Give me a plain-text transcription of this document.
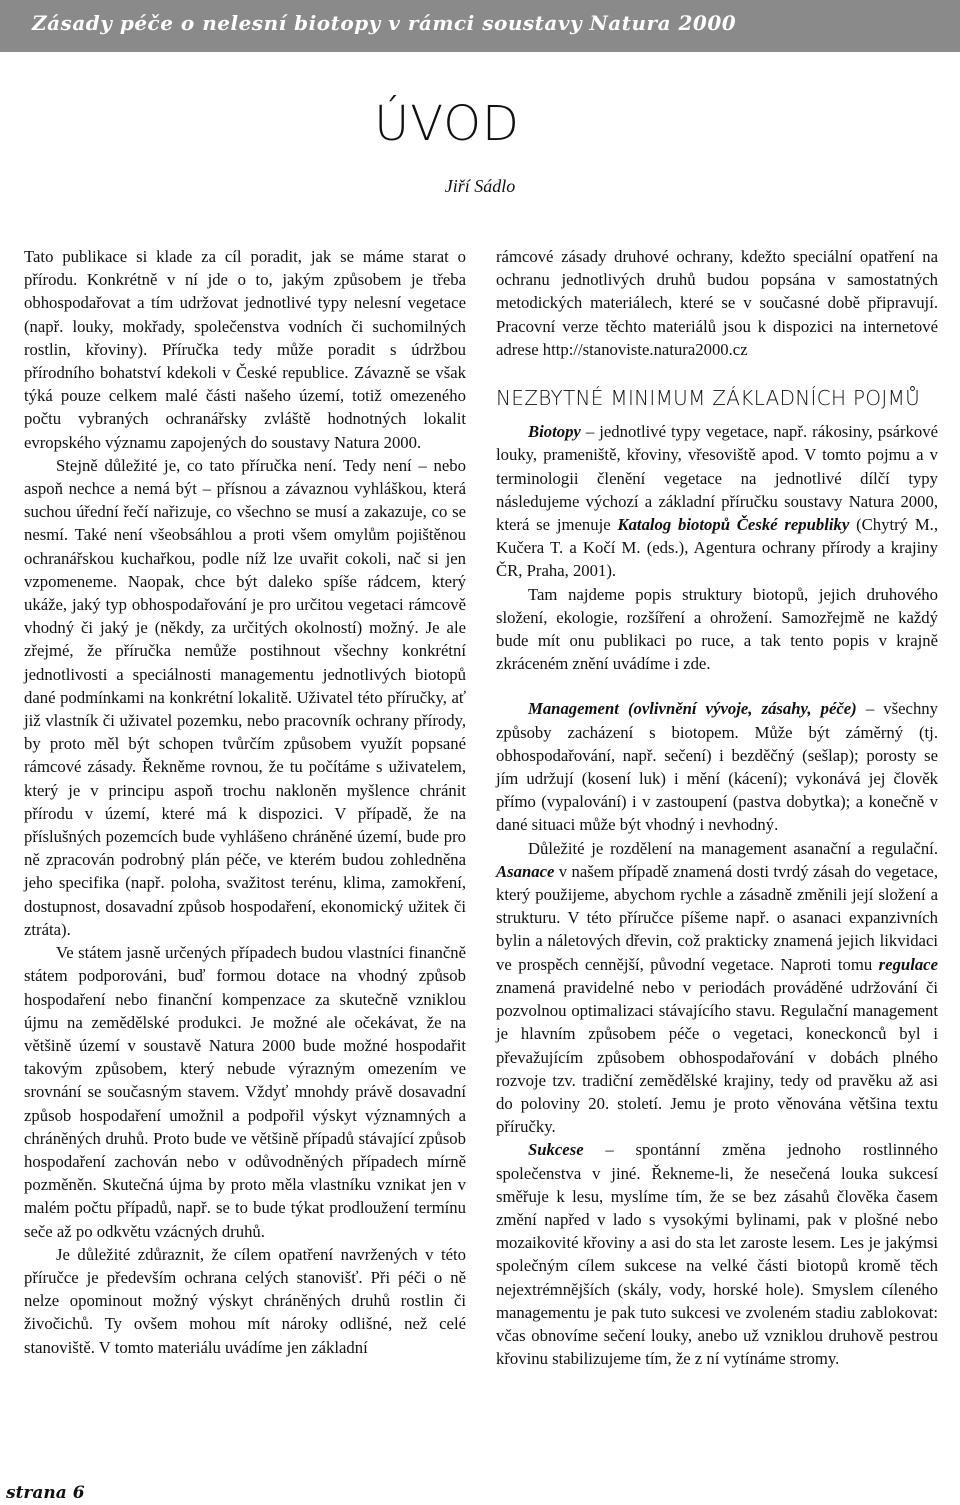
Zásady péče o nelesní biotopy v rámci soustavy Natura 2000
ÚVOD
Jiří Sádlo

Tato publikace si klade za cíl poradit, jak se máme starat o přírodu. Konkrétně v ní jde o to, jakým způsobem je třeba obhospodařovat a tím udržovat jednotlivé typy nelesní vegetace (např. louky, mokřady, společenstva vodních či suchomilných rostlin, křoviny). Příručka tedy může poradit s údržbou přírodního bohatství kdekoli v České republice. Závazně se však týká pouze celkem malé části našeho území, totiž omezeného počtu vybraných ochranářsky zvláště hodnotných lokalit evropského významu zapojených do soustavy Natura 2000.

Stejně důležité je, co tato příručka není. Tedy není – nebo aspoň nechce a nemá být – přísnou a závaznou vyhláškou, která suchou úřední řečí nařizuje, co všechno se musí a zakazuje, co se nesmí. Také není všeobsáhlou a proti všem omylům pojištěnou ochranářskou kuchařkou, podle níž lze uvařit cokoli, nač si jen vzpomeneme. Naopak, chce být daleko spíše rádcem, který ukáže, jaký typ obhospodařování je pro určitou vegetaci rámcově vhodný či jaký je (někdy, za určitých okolností) možný. Je ale zřejmé, že příručka nemůže postihnout všechny konkrétní jednotlivosti a speciálnosti managementu jednotlivých biotopů dané podmínkami na konkrétní lokalitě. Uživatel této příručky, ať již vlastník či uživatel pozemku, nebo pracovník ochrany přírody, by proto měl být schopen tvůrčím způsobem využít popsané rámcové zásady. Řekněme rovnou, že tu počítáme s uživatelem, který je v principu aspoň trochu nakloněn myšlence chránit přírodu v území, které má k dispozici. V případě, že na příslušných pozemcích bude vyhlášeno chráněné území, bude pro ně zpracován podrobný plán péče, ve kterém budou zohledněna jeho specifika (např. poloha, svažitost terénu, klima, zamokření, dostupnost, dosavadní způsob hospodaření, ekonomický užitek či ztráta).

Ve státem jasně určených případech budou vlastníci finančně státem podporováni, buď formou dotace na vhodný způsob hospodaření nebo finanční kompenzace za skutečně vzniklou újmu na zemědělské produkci. Je možné ale očekávat, že na většině území v soustavě Natura 2000 bude možné hospodařit takovým způsobem, který nebude výrazným omezením ve srovnání se současným stavem. Vždyť mnohdy právě dosavadní způsob hospodaření umožnil a podpořil výskyt významných a chráněných druhů. Proto bude ve většině případů stávající způsob hospodaření zachován nebo v odůvodněných případech mírně pozměněn. Skutečná újma by proto měla vlastníku vznikat jen v malém počtu případů, např. se to bude týkat prodloužení termínu seče až po odkvětu vzácných druhů.

Je důležité zdůraznit, že cílem opatření navržených v této příručce je především ochrana celých stanovišť. Při péči o ně nelze opominout možný výskyt chráněných druhů rostlin či živočichů. Ty ovšem mohou mít nároky odlišné, než celé stanoviště. V tomto materiálu uvádíme jen základní

rámcové zásady druhové ochrany, kdežto speciální opatření na ochranu jednotlivých druhů budou popsána v samostatných metodických materiálech, které se v současné době připravují. Pracovní verze těchto materiálů jsou k dispozici na internetové adrese http://stanoviste.natura2000.cz

NEZBYTNÉ MINIMUM ZÁKLADNÍCH POJMŮ

Biotopy – jednotlivé typy vegetace, např. rákosiny, psárkové louky, prameniště, křoviny, vřesoviště apod. V tomto pojmu a v terminologii členění vegetace na jednotlivé dílčí typy následujeme výchozí a základní příručku soustavy Natura 2000, která se jmenuje Katalog biotopů České republiky (Chytrý M., Kučera T. a Kočí M. (eds.), Agentura ochrany přírody a krajiny ČR, Praha, 2001).

Tam najdeme popis struktury biotopů, jejich druhového složení, ekologie, rozšíření a ohrožení. Samozřejmě ne každý bude mít onu publikaci po ruce, a tak tento popis v krajně zkráceném znění uvádíme i zde.

Management (ovlivnění vývoje, zásahy, péče) – všechny způsoby zacházení s biotopem. Může být záměrný (tj. obhospodařování, např. sečení) i bezděčný (sešlap); porosty se jím udržují (kosení luk) i mění (kácení); vykonává jej člověk přímo (vypalování) i v zastoupení (pastva dobytka); a konečně v dané situaci může být vhodný i nevhodný.

Důležité je rozdělení na management asanační a regulační. Asanace v našem případě znamená dosti tvrdý zásah do vegetace, který použijeme, abychom rychle a zásadně změnili její složení a strukturu. V této příručce píšeme např. o asanaci expanzivních bylin a náletových dřevin, což prakticky znamená jejich likvidaci ve prospěch cennější, původní vegetace. Naproti tomu regulace znamená pravidelné nebo v periodách prováděné udržování či pozvolnou optimalizaci stávajícího stavu. Regulační management je hlavním způsobem péče o vegetaci, koneckonců byl i převažujícím způsobem obhospodařování v dobách plného rozvoje tzv. tradiční zemědělské krajiny, tedy od pravěku až asi do poloviny 20. století. Jemu je proto věnována většina textu příručky.

Sukcese – spontánní změna jednoho rostlinného společenstva v jiné. Řekneme-li, že nesečená louka sukcesí směřuje k lesu, myslíme tím, že se bez zásahů člověka časem změní napřed v lado s vysokými bylinami, pak v plošné nebo mozaikovité křoviny a asi do sta let zaroste lesem. Les je jakýmsi společným cílem sukcese na velké části biotopů kromě těch nejextrémnějších (skály, vody, horské hole). Smyslem cíleného managementu je pak tuto sukcesi ve zvoleném stadiu zablokovat: včas obnovíme sečení louky, anebo už vzniklou druhově pestrou křovinu stabilizujeme tím, že z ní vytínáme stromy.

strana 6
